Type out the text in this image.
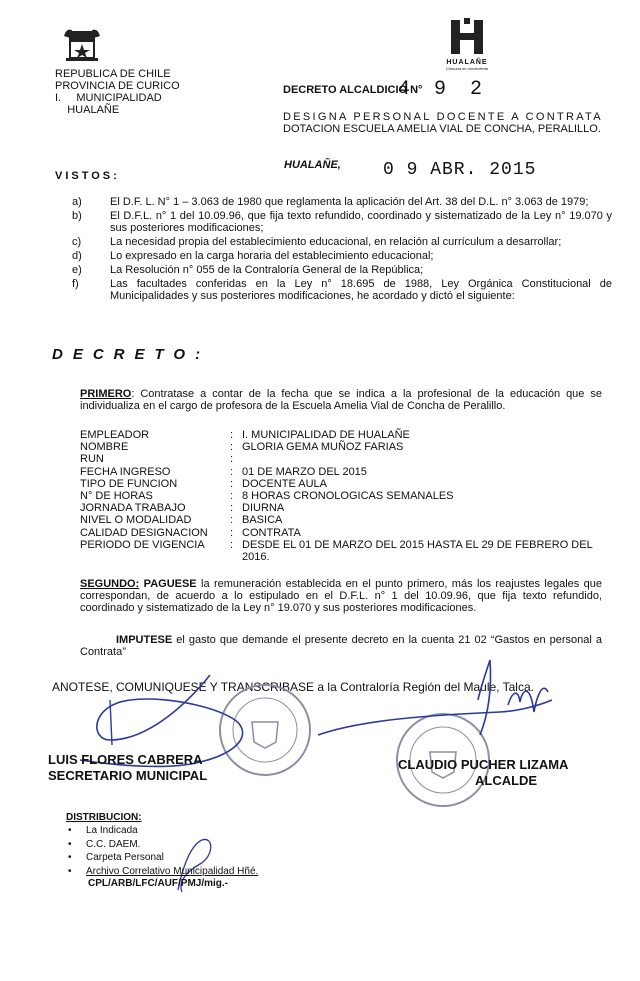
HUALAÑE
Comuna en movimiento
REPUBLICA DE CHILE
PROVINCIA DE CURICO
I.     MUNICIPALIDAD
HUALAÑE
DECRETO ALCALDICIO N°
4 9 2
DESIGNA PERSONAL DOCENTE A CONTRATA
DOTACION ESCUELA AMELIA VIAL DE CONCHA, PERALILLO.
VISTOS:
HUALAÑE, 0 9 ABR. 2015
a)	El D.F. L. N° 1 – 3.063 de 1980 que reglamenta la aplicación del Art. 38 del D.L. n° 3.063 de 1979;
b)	El D.F.L. n° 1 del 10.09.96, que fija texto refundido, coordinado y sistematizado de la Ley n° 19.070 y sus posteriores modificaciones;
c)	La necesidad propia del establecimiento educacional, en relación al currículum a desarrollar;
d)	Lo expresado en la carga horaria del establecimiento educacional;
e)	La Resolución n° 055 de la Contraloría General de la República;
f)	Las facultades conferidas en la Ley n° 18.695 de 1988, Ley Orgánica Constitucional de Municipalidades y sus posteriores modificaciones, he acordado y dictó el siguiente:
DECRETO:
PRIMERO: Contratase a contar de la fecha que se indica a la profesional de la educación que se individualiza en el cargo de profesora de la Escuela Amelia Vial de Concha de Peralillo.
EMPLEADOR	: I. MUNICIPALIDAD DE HUALAÑE
NOMBRE	: GLORIA GEMA MUÑOZ FARIAS
RUN	:
FECHA INGRESO	: 01 DE MARZO DEL 2015
TIPO DE FUNCION	: DOCENTE AULA
N° DE HORAS	: 8 HORAS CRONOLOGICAS SEMANALES
JORNADA TRABAJO	: DIURNA
NIVEL O MODALIDAD	: BASICA
CALIDAD DESIGNACION : CONTRATA
PERIODO DE VIGENCIA : DESDE EL 01 DE MARZO DEL 2015 HASTA EL 29 DE FEBRERO DEL 2016.
SEGUNDO: PAGUESE la remuneración establecida en el punto primero, más los reajustes legales que correspondan, de acuerdo a lo estipulado en el D.F.L. n° 1 del 10.09.96, que fija texto refundido, coordinado y sistematizado de la Ley n° 19.070 y sus posteriores modificaciones.
IMPUTESE el gasto que demande el presente decreto en la cuenta 21 02 “Gastos en personal a Contrata”
ANOTESE, COMUNIQUESE Y TRANSCRIBASE a la Contraloría Región del Maule, Talca.
LUIS FLORES CABRERA
SECRETARIO MUNICIPAL
CLAUDIO PUCHER LIZAMA
ALCALDE
DISTRIBUCION:
• La Indicada
• C.C. DAEM.
• Carpeta Personal
• Archivo Correlativo Municipalidad Hñé.
CPL/ARB/LFC/AUF/PMJ/mig.-
